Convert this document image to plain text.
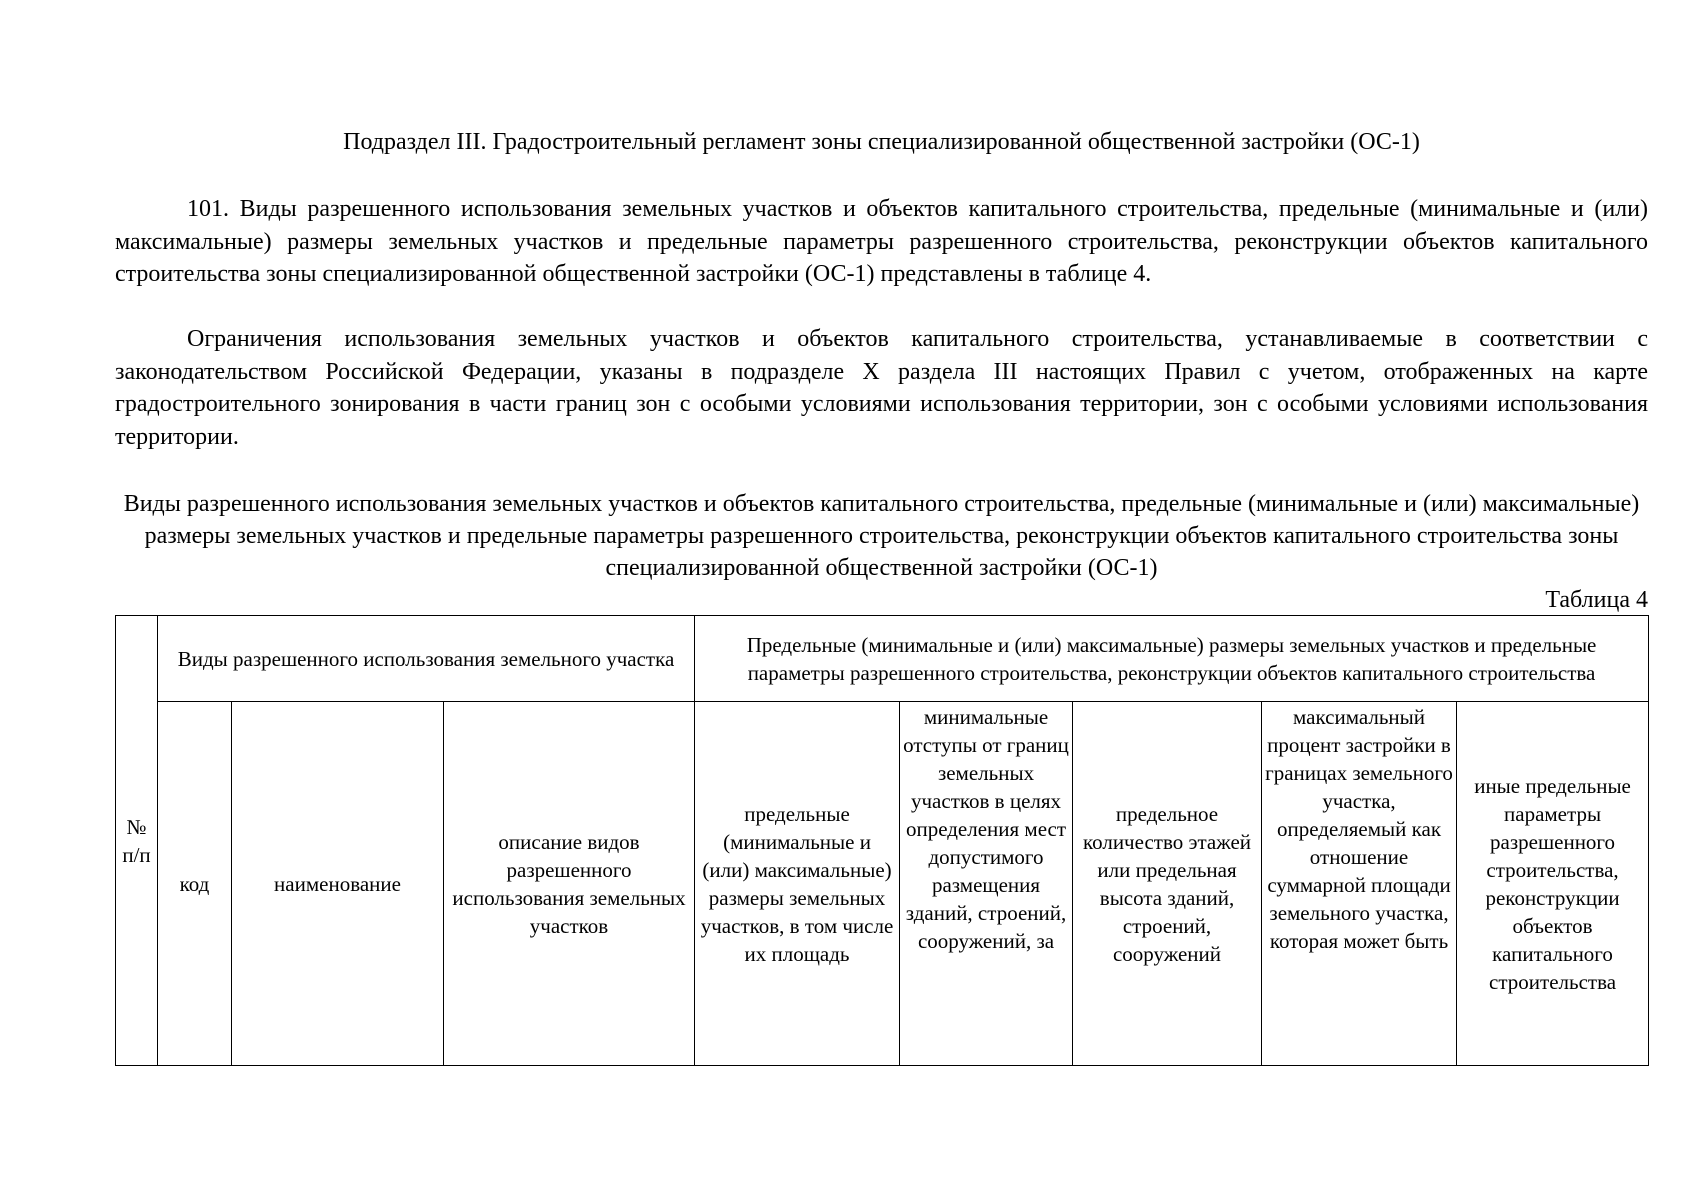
Подраздел III. Градостроительный регламент зоны специализированной общественной застройки (ОС-1)

101. Виды разрешенного использования земельных участков и объектов капитального строительства, предельные (минимальные и (или) максимальные) размеры земельных участков и предельные параметры разрешенного строительства, реконструкции объектов капитального строительства зоны специализированной общественной застройки (ОС-1) представлены в таблице 4.

Ограничения использования земельных участков и объектов капитального строительства, устанавливаемые в соответствии с законодательством Российской Федерации, указаны в подразделе X раздела III настоящих Правил с учетом, отображенных на карте градостроительного зонирования в части границ зон с особыми условиями использования территории, зон с особыми условиями использования территории.

Виды разрешенного использования земельных участков и объектов капитального строительства, предельные (минимальные и (или) максимальные) размеры земельных участков и предельные параметры разрешенного строительства, реконструкции объектов капитального строительства зоны специализированной общественной застройки (ОС-1)
Таблица 4
№ п/п	Виды разрешенного использования земельного участка			Предельные (минимальные и (или) максимальные) размеры земельных участков и предельные параметры разрешенного строительства, реконструкции объектов капитального строительства				

код	наименование	описание видов разрешенного использования земельных участков	предельные (минимальные и (или) максимальные) размеры земельных участков, в том числе их площадь	минимальные отступы от границ земельных участков в целях определения мест допустимого размещения зданий, строений, сооружений, за	предельное количество этажей или предельная высота зданий, строений, сооружений	максимальный процент застройки в границах земельного участка, определяемый как отношение суммарной площади земельного участка, которая может быть	иные предельные параметры разрешенного строительства, реконструкции объектов капитального строительства
